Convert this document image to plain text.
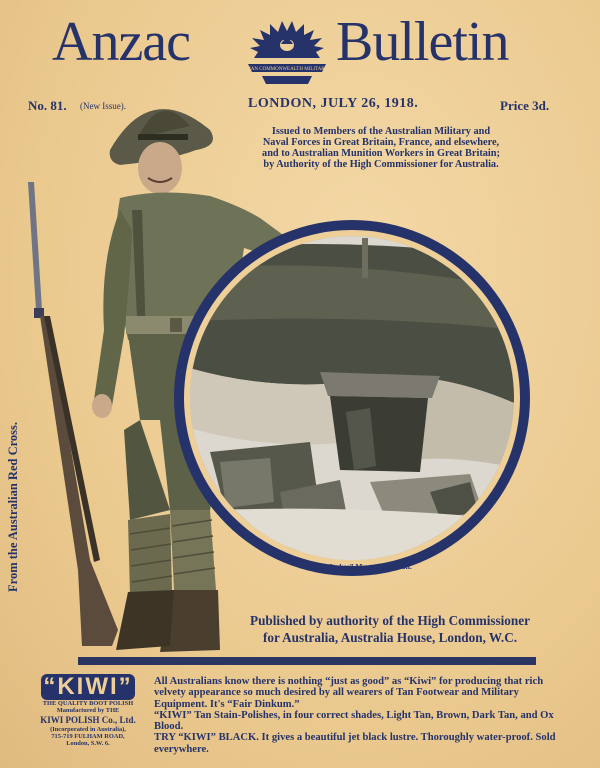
Anzac	AUSTRALIAN COMMONWEALTH MILITARY FORCES
Bulletin
No. 81. (New Issue).	LONDON, JULY 26, 1918.	Price 3d.
Issued to Members of the Australian Military and Naval Forces in Great Britain, France, and elsewhere, and to Australian Munition Workers in Great Britain; by Authority of the High Commissioner for Australia.
A “Stokes” Mortar in Action.
From the Australian Red Cross.
Published by authority of the High Commissioner
for Australia, Australia House, London, W.C.
“KIWI”
THE QUALITY BOOT POLISH
Manufactured by THE
KIWI POLISH Co., Ltd.
(Incorporated in Australia),
715-719 FULHAM ROAD,
London, S.W. 6.

All Australians know there is nothing “just as good” as “Kiwi” for producing that rich velvety appearance so much desired by all wearers of Tan Footwear and Military Equipment. It's “Fair Dinkum.”

“KIWI” Tan Stain-Polishes, in four correct shades, Light Tan, Brown, Dark Tan, and Ox Blood.

TRY “KIWI” BLACK. It gives a beautiful jet black lustre. Thoroughly water-proof. Sold everywhere.
